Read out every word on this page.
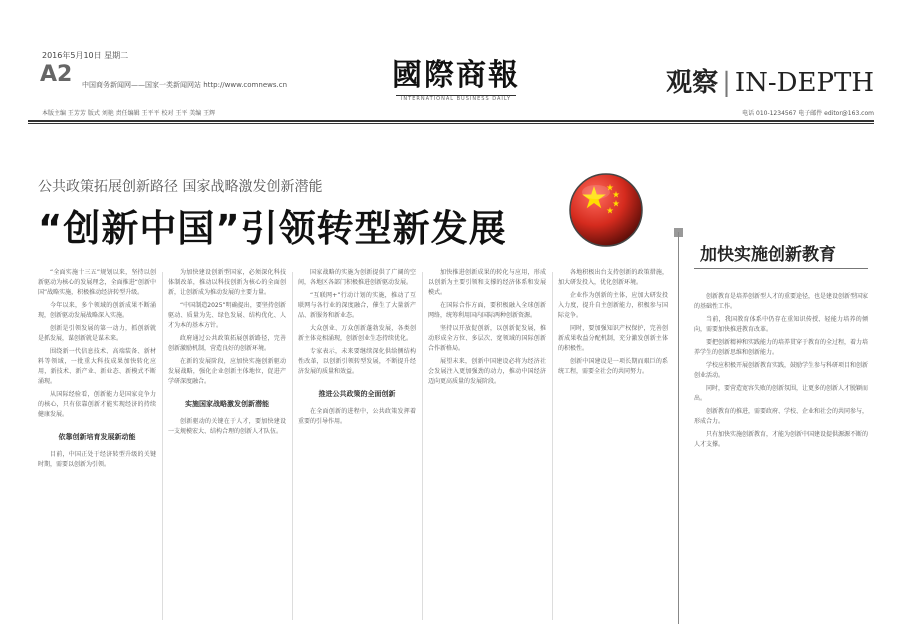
2016年5月10日 星期二
A2 中国商务新闻网——国家一类新闻网站 http://www.comnews.cn	國際商報
INTERNATIONAL BUSINESS DAILY
观察 | IN-DEPTH
本版主编 王芳芳 版式 刘艳 责任编辑 王平平 校对 王平 美编 王辉	电话 010-1234567 电子邮件 editor@163.com
公共政策拓展创新路径 国家战略激发创新潜能
“创新中国”引领转型新发展
加快实施创新教育

“全面实施十三五”规划以来，坚持以创新驱动为核心的发展理念，全面推进“创新中国”战略实施，积极推动经济转型升级。

今年以来，多个领域的创新成果不断涌现，创新驱动发展战略深入实施。

创新是引领发展的第一动力，抓创新就是抓发展，谋创新就是谋未来。

围绕新一代信息技术、高端装备、新材料等领域，一批重大科技成果加快转化应用，新技术、新产业、新业态、新模式不断涌现。

从国际经验看，创新能力是国家竞争力的核心，只有依靠创新才能实现经济的持续健康发展。

依靠创新培育发展新动能

目前，中国正处于经济转型升级的关键时期，需要以创新为引领。

为加快建设创新型国家，必须深化科技体制改革，推动以科技创新为核心的全面创新，让创新成为推动发展的主要力量。

“中国制造2025”明确提出，要坚持创新驱动、质量为先、绿色发展、结构优化、人才为本的基本方针。

政府通过公共政策拓展创新路径，完善创新激励机制，营造良好的创新环境。

在新的发展阶段，应加快实施创新驱动发展战略，强化企业创新主体地位，促进产学研深度融合。

实施国家战略激发创新潜能

创新驱动的关键在于人才，要加快建设一支规模宏大、结构合理的创新人才队伍。

国家战略的实施为创新提供了广阔的空间，各地区各部门积极推进创新驱动发展。

“互联网+”行动计划的实施，推动了互联网与各行业的深度融合，催生了大量新产品、新服务和新业态。

大众创业、万众创新蓬勃发展，各类创新主体竞相涌现，创新创业生态持续优化。

专家表示，未来要继续深化供给侧结构性改革，以创新引领转型发展，不断提升经济发展的质量和效益。

推进公共政策的全面创新

在全面创新的进程中，公共政策发挥着重要的引导作用。

加快推进创新成果的转化与应用，形成以创新为主要引领和支撑的经济体系和发展模式。

在国际合作方面，要积极融入全球创新网络，统筹利用国内国际两种创新资源。

坚持以开放促创新，以创新促发展，推动形成全方位、多层次、宽领域的国际创新合作新格局。

展望未来，创新中国建设必将为经济社会发展注入更加强劲的动力，推动中国经济迈向更高质量的发展阶段。

各地积极出台支持创新的政策措施，加大研发投入，优化创新环境。

企业作为创新的主体，应加大研发投入力度，提升自主创新能力，积极参与国际竞争。

同时，要加强知识产权保护，完善创新成果收益分配机制，充分激发创新主体的积极性。

创新中国建设是一项长期而艰巨的系统工程，需要全社会的共同努力。

创新教育是培养创新型人才的重要途径，也是建设创新型国家的基础性工作。

当前，我国教育体系中仍存在重知识传授、轻能力培养的倾向，需要加快推进教育改革。

要把创新精神和实践能力的培养贯穿于教育的全过程，着力培养学生的创新思维和创新能力。

学校应积极开展创新教育实践，鼓励学生参与科研项目和创新创业活动。

同时，要营造宽容失败的创新氛围，让更多的创新人才脱颖而出。

创新教育的推进，需要政府、学校、企业和社会的共同参与，形成合力。

只有加快实施创新教育，才能为创新中国建设提供源源不断的人才支撑。
